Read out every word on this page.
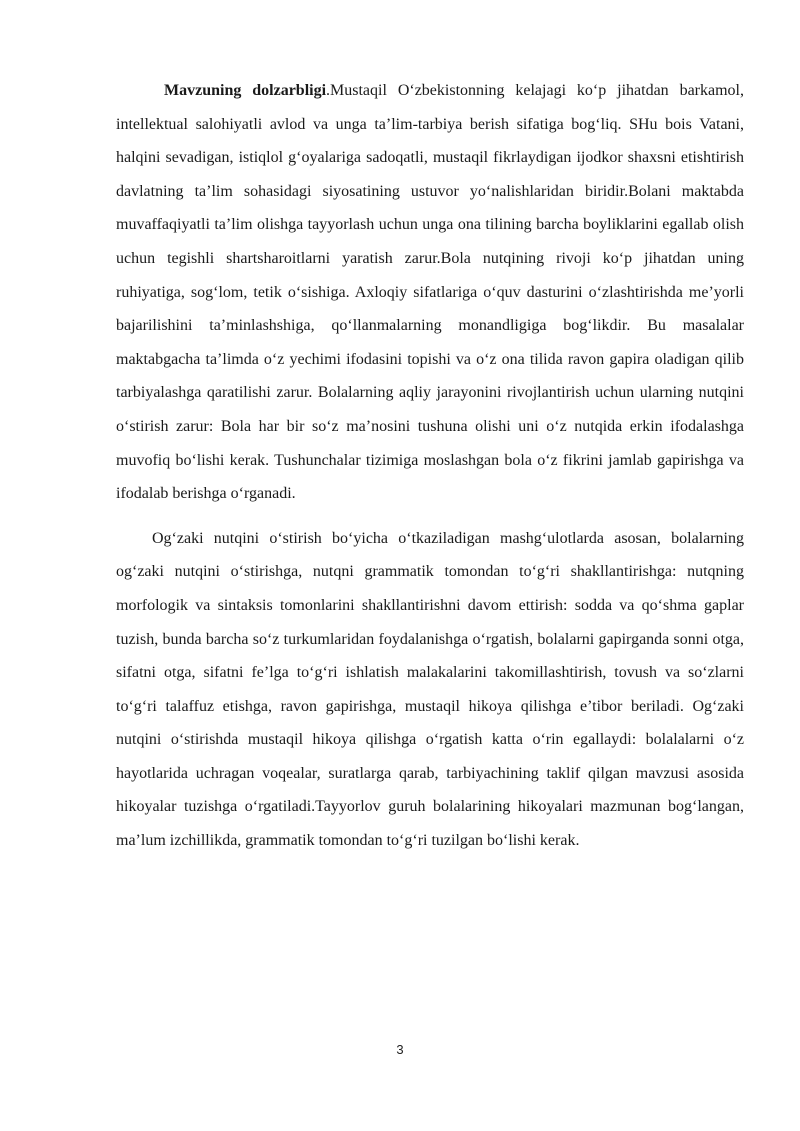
Mavzuning dolzarbligi.Mustaqil O‘zbekistonning kelajagi ko‘p jihatdan barkamol, intellektual salohiyatli avlod va unga ta’lim-tarbiya berish sifatiga bog‘liq. SHu bois Vatani, halqini sevadigan, istiqlol g‘oyalariga sadoqatli, mustaqil fikrlaydigan ijodkor shaxsni etishtirish davlatning ta’lim sohasidagi siyosatining ustuvor yo‘nalishlaridan biridir.Bolani maktabda muvaffaqiyatli ta’lim olishga tayyorlash uchun unga ona tilining barcha boyliklarini egallab olish uchun tegishli shartsharoitlarni yaratish zarur.Bola nutqining rivoji ko‘p jihatdan uning ruhiyatiga, sog‘lom, tetik o‘sishiga. Axloqiy sifatlariga o‘quv dasturini o‘zlashtirishda me’yorli bajarilishini ta’minlashshiga, qo‘llanmalarning monandligiga bog‘likdir. Bu masalalar maktabgacha ta’limda o‘z yechimi ifodasini topishi va o‘z ona tilida ravon gapira oladigan qilib tarbiyalashga qaratilishi zarur. Bolalarning aqliy jarayonini rivojlantirish uchun ularning nutqini o‘stirish zarur: Bola har bir so‘z ma’nosini tushuna olishi uni o‘z nutqida erkin ifodalashga muvofiq bo‘lishi kerak. Tushunchalar tizimiga moslashgan bola o‘z fikrini jamlab gapirishga va ifodalab berishga o‘rganadi.

Og‘zaki nutqini o‘stirish bo‘yicha o‘tkaziladigan mashg‘ulotlarda asosan, bolalarning og‘zaki nutqini o‘stirishga, nutqni grammatik tomondan to‘g‘ri shakllantirishga: nutqning morfologik va sintaksis tomonlarini shakllantirishni davom ettirish: sodda va qo‘shma gaplar tuzish, bunda barcha so‘z turkumlaridan foydalanishga o‘rgatish, bolalarni gapirganda sonni otga, sifatni otga, sifatni fe’lga to‘g‘ri ishlatish malakalarini takomillashtirish, tovush va so‘zlarni to‘g‘ri talaffuz etishga, ravon gapirishga, mustaqil hikoya qilishga e’tibor beriladi. Og‘zaki nutqini o‘stirishda mustaqil hikoya qilishga o‘rgatish katta o‘rin egallaydi: bolalalarni o‘z hayotlarida uchragan voqealar, suratlarga qarab, tarbiyachining taklif qilgan mavzusi asosida hikoyalar tuzishga o‘rgatiladi.Tayyorlov guruh bolalarining hikoyalari mazmunan bog‘langan, ma’lum izchillikda, grammatik tomondan to‘g‘ri tuzilgan bo‘lishi kerak.

3
